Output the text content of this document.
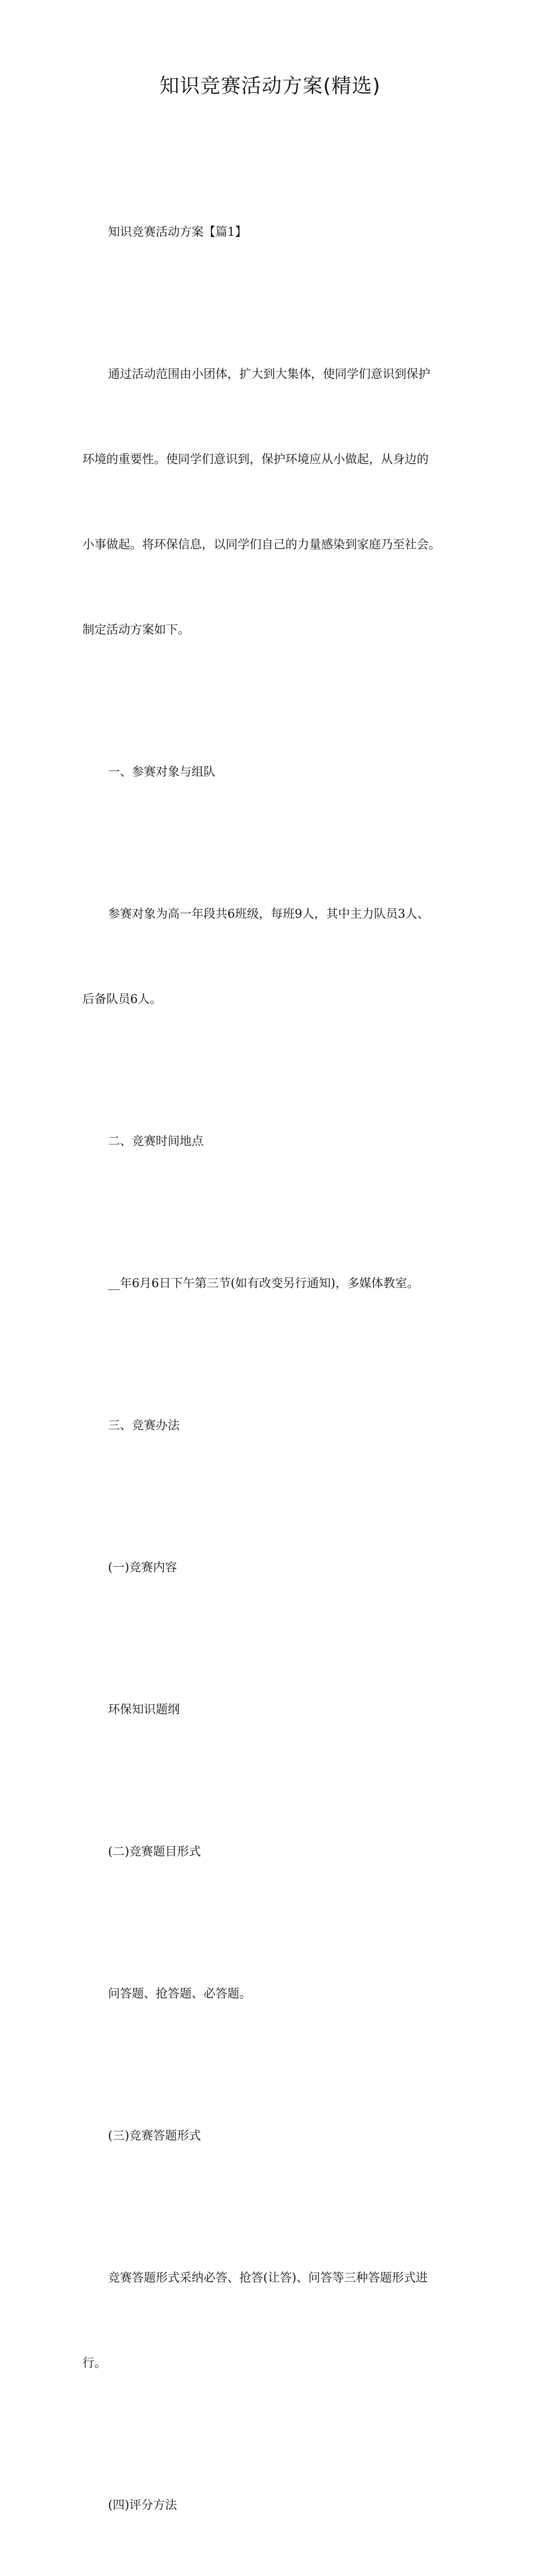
知识竞赛活动方案(精选)

知识竞赛活动方案【篇1】

通过活动范围由小团体，扩大到大集体，使同学们意识到保护

环境的重要性。使同学们意识到，保护环境应从小做起，从身边的

小事做起。将环保信息，以同学们自己的力量感染到家庭乃至社会。

制定活动方案如下。

一、参赛对象与组队

参赛对象为高一年段共6班级，每班9人，其中主力队员3人、

后备队员6人。

二、竞赛时间地点

__年6月6日下午第三节(如有改变另行通知)，多媒体教室。

三、竞赛办法

(一)竞赛内容

环保知识题纲

(二)竞赛题目形式

问答题、抢答题、必答题。

(三)竞赛答题形式

竞赛答题形式采纳必答、抢答(让答)、问答等三种答题形式进

行。

(四)评分方法
